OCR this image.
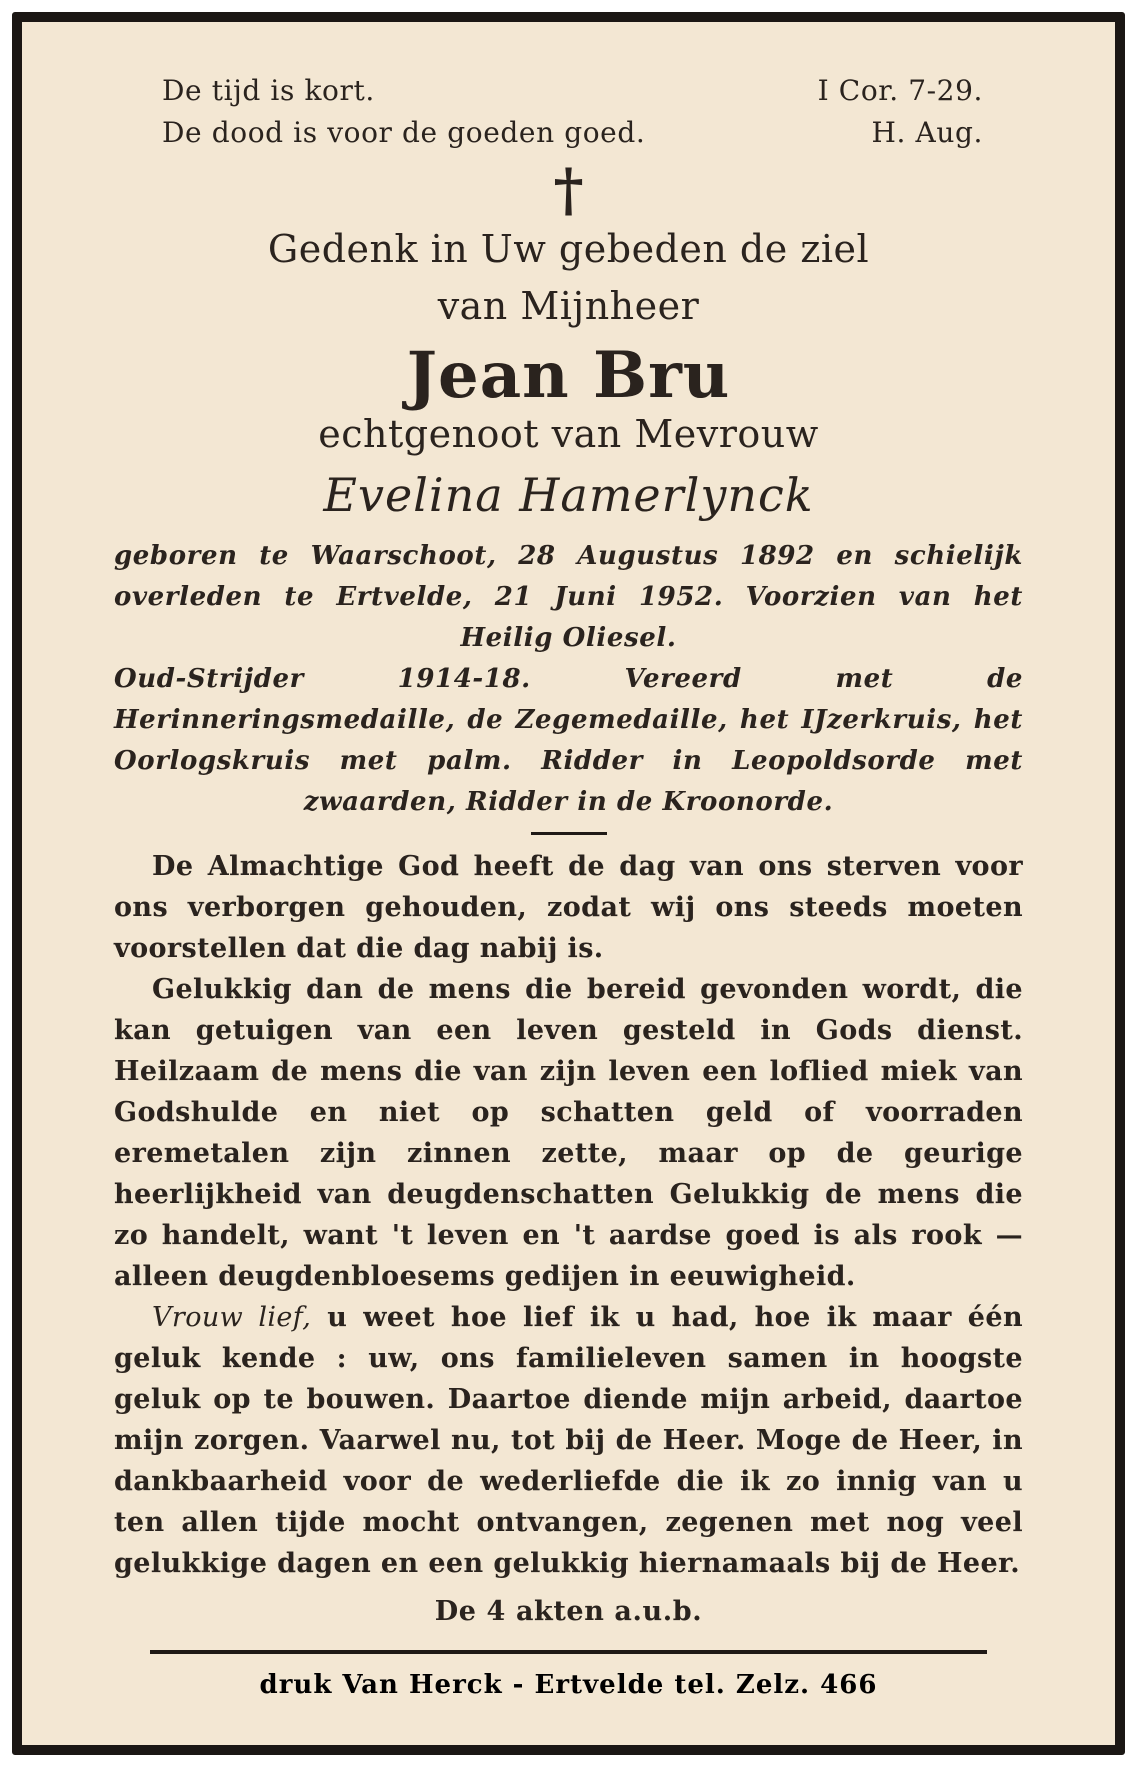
De tijd is kort.
De dood is voor de goeden goed.
I Cor. 7-29.
H. Aug.
†
Gedenk in Uw gebeden de ziel
van Mijnheer
Jean Bru
echtgenoot van Mevrouw
Evelina Hamerlynck

geboren te Waarschoot, 28 Augustus 1892 en schielijk overleden te Ertvelde, 21 Juni 1952. Voorzien van het Heilig Oliesel.

Oud-Strijder 1914-18. Vereerd met de Herinneringsmedaille, de Zegemedaille, het IJzerkruis, het Oorlogskruis met palm. Ridder in Leopoldsorde met zwaarden, Ridder in de Kroonorde.

De Almachtige God heeft de dag van ons sterven voor ons verborgen gehouden, zodat wij ons steeds moeten voorstellen dat die dag nabij is.

Gelukkig dan de mens die bereid gevonden wordt, die kan getuigen van een leven gesteld in Gods dienst. Heilzaam de mens die van zijn leven een loflied miek van Godshulde en niet op schatten geld of voorraden eremetalen zijn zinnen zette, maar op de geurige heerlijkheid van deugdenschatten Gelukkig de mens die zo handelt, want 't leven en 't aardse goed is als rook — alleen deugdenbloesems gedijen in eeuwigheid.

Vrouw lief, u weet hoe lief ik u had, hoe ik maar één geluk kende : uw, ons familieleven samen in hoogste geluk op te bouwen. Daartoe diende mijn arbeid, daartoe mijn zorgen. Vaarwel nu, tot bij de Heer. Moge de Heer, in dankbaarheid voor de wederliefde die ik zo innig van u ten allen tijde mocht ontvangen, zegenen met nog veel gelukkige dagen en een gelukkig hiernamaals bij de Heer.

De 4 akten a.u.b.
druk Van Herck - Ertvelde tel. Zelz. 466
